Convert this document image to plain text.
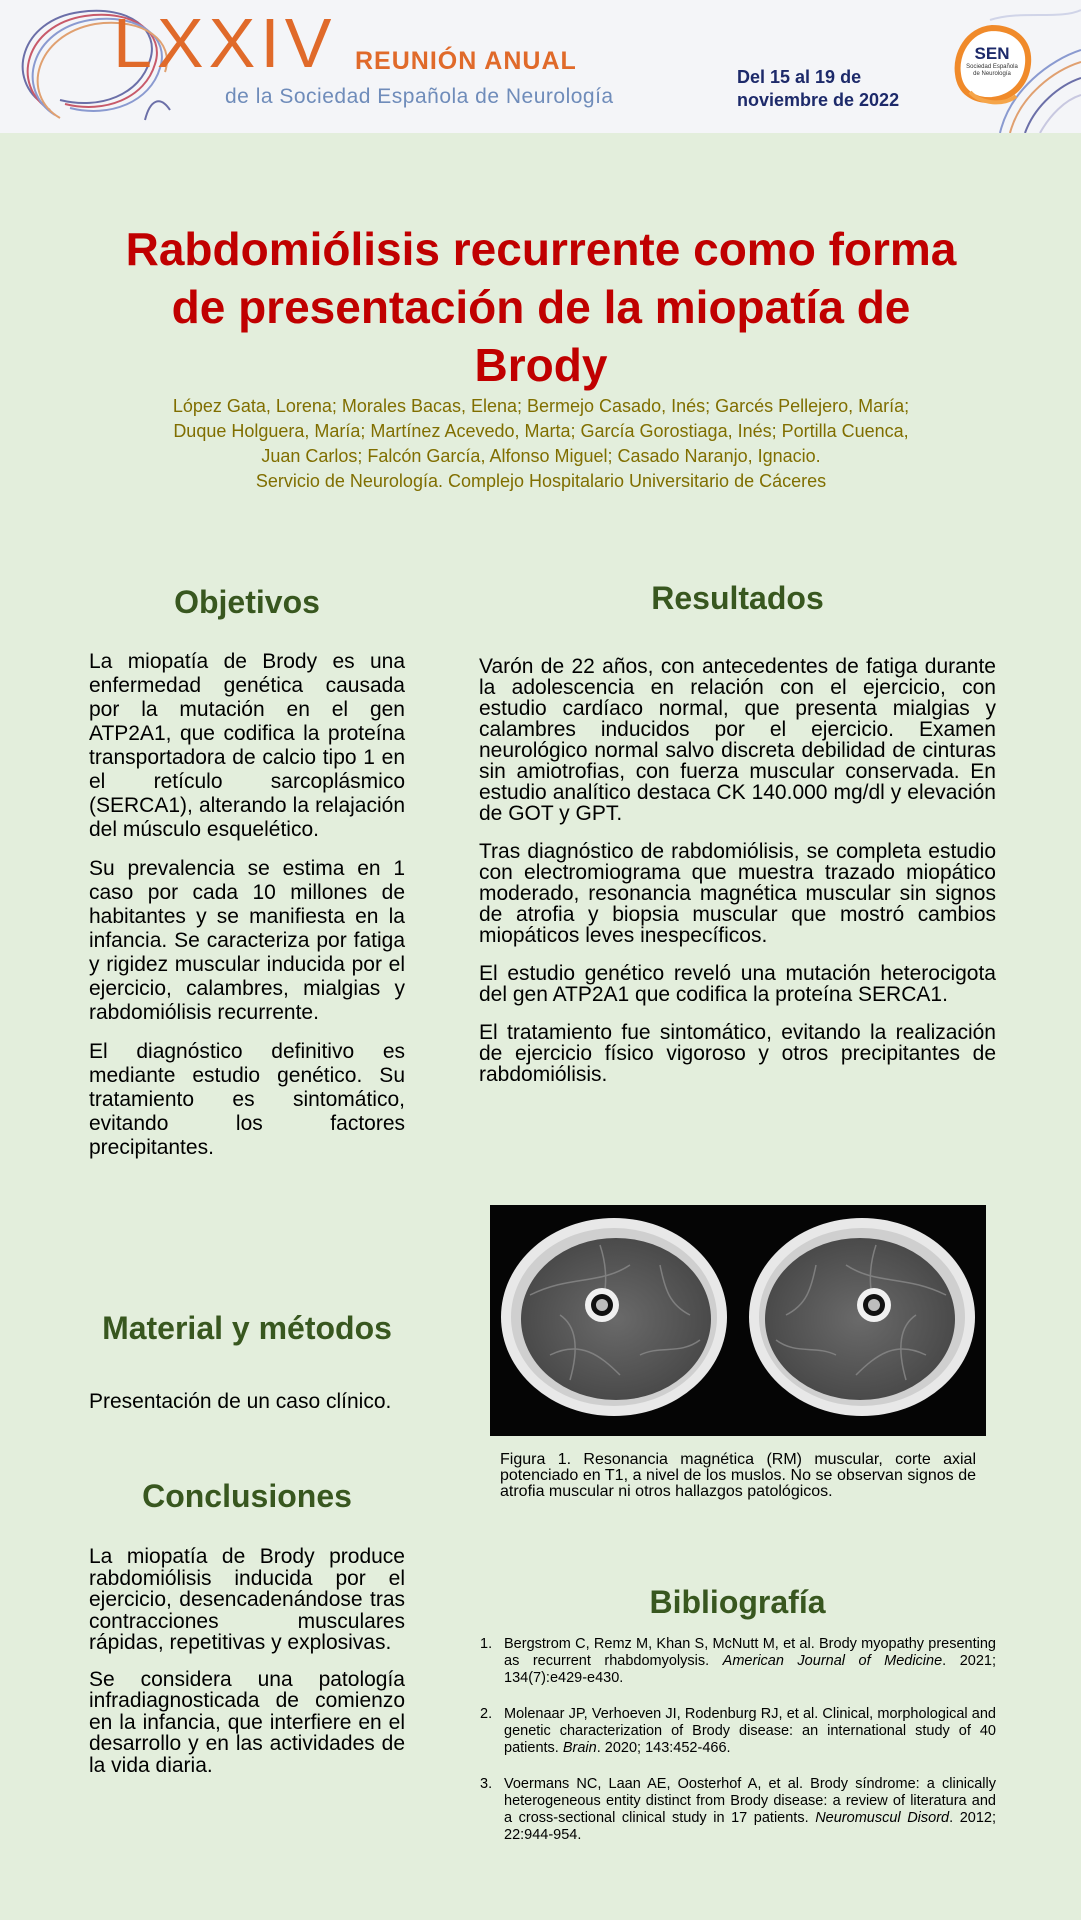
LXXIV REUNIÓN ANUAL
de la Sociedad Española de Neurología
Del 15 al 19 de
noviembre de 2022
SEN
Sociedad Española
de Neurología
Rabdomiólisis recurrente como forma
de presentación de la miopatía de
Brody
López Gata, Lorena; Morales Bacas, Elena; Bermejo Casado, Inés; Garcés Pellejero, María;
Duque Holguera, María; Martínez Acevedo, Marta; García Gorostiaga, Inés; Portilla Cuenca,
Juan Carlos; Falcón García, Alfonso Miguel; Casado Naranjo, Ignacio.
Servicio de Neurología. Complejo Hospitalario Universitario de Cáceres
Objetivos

La miopatía de Brody es una enfermedad genética causada por la mutación en el gen ATP2A1, que codifica la proteína transportadora de calcio tipo 1 en el retículo sarcoplásmico (SERCA1), alterando la relajación del músculo esquelético.

Su prevalencia se estima en 1 caso por cada 10 millones de habitantes y se manifiesta en la infancia. Se caracteriza por fatiga y rigidez muscular inducida por el ejercicio, calambres, mialgias y rabdomiólisis recurrente.

El diagnóstico definitivo es mediante estudio genético. Su tratamiento es sintomático, evitando los factores precipitantes.

Material y métodos

Presentación de un caso clínico.

Conclusiones

La miopatía de Brody produce rabdomiólisis inducida por el ejercicio, desencadenándose tras contracciones musculares rápidas, repetitivas y explosivas.

Se considera una patología infradiagnosticada de comienzo en la infancia, que interfiere en el desarrollo y en las actividades de la vida diaria.

Resultados

Varón de 22 años, con antecedentes de fatiga durante la adolescencia en relación con el ejercicio, con estudio cardíaco normal, que presenta mialgias y calambres inducidos por el ejercicio. Examen neurológico normal salvo discreta debilidad de cinturas sin amiotrofias, con fuerza muscular conservada. En estudio analítico destaca CK 140.000 mg/dl y elevación de GOT y GPT.

Tras diagnóstico de rabdomiólisis, se completa estudio con electromiograma que muestra trazado miopático moderado, resonancia magnética muscular sin signos de atrofia y biopsia muscular que mostró cambios miopáticos leves inespecíficos.

El estudio genético reveló una mutación heterocigota del gen ATP2A1 que codifica la proteína SERCA1.

El tratamiento fue sintomático, evitando la realización de ejercicio físico vigoroso y otros precipitantes de rabdomiólisis.

Figura 1. Resonancia magnética (RM) muscular, corte axial potenciado en T1, a nivel de los muslos. No se observan signos de atrofia muscular ni otros hallazgos patológicos.
Bibliografía
1. Bergstrom C, Remz M, Khan S, McNutt M, et al. Brody myopathy presenting as recurrent rhabdomyolysis. American Journal of Medicine. 2021; 134(7):e429-e430.
2. Molenaar JP, Verhoeven JI, Rodenburg RJ, et al. Clinical, morphological and genetic characterization of Brody disease: an international study of 40 patients. Brain. 2020; 143:452-466.
3. Voermans NC, Laan AE, Oosterhof A, et al. Brody síndrome: a clinically heterogeneous entity distinct from Brody disease: a review of literatura and a cross-sectional clinical study in 17 patients. Neuromuscul Disord. 2012; 22:944-954.
